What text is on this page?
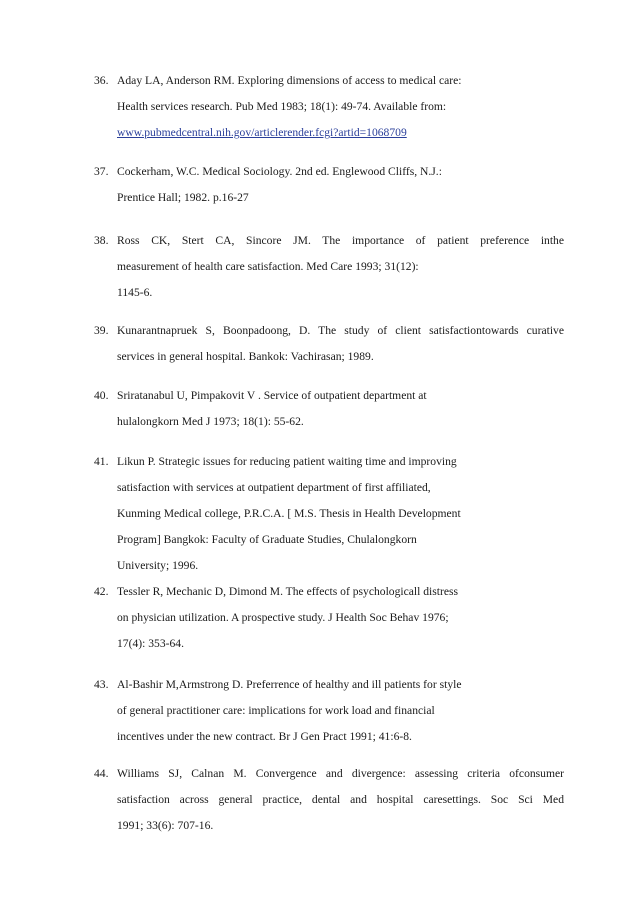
36. Aday LA, Anderson RM. Exploring dimensions of access to medical care:
Health services research. Pub Med 1983; 18(1): 49-74. Available from:
www.pubmedcentral.nih.gov/articlerender.fcgi?artid=1068709
37. Cockerham, W.C. Medical Sociology. 2nd ed. Englewood Cliffs, N.J.:
Prentice Hall; 1982. p.16-27
38. Ross CK, Stert CA, Sincore JM. The importance of patient preference inthe
measurement of health care satisfaction. Med Care 1993; 31(12):
1145-6.
39. Kunarantnapruek S, Boonpadoong, D. The study of client satisfactiontowards curative
services in general hospital. Bankok: Vachirasan; 1989.
40. Sriratanabul U, Pimpakovit V . Service of outpatient department at
hulalongkorn Med J 1973; 18(1): 55-62.
41. Likun P. Strategic issues for reducing patient waiting time and improving
satisfaction with services at outpatient department of first affiliated,
Kunming Medical college, P.R.C.A. [ M.S. Thesis in Health Development
Program] Bangkok: Faculty of Graduate Studies, Chulalongkorn
University; 1996.
42. Tessler R, Mechanic D, Dimond M. The effects of psychologicall distress
on physician utilization. A prospective study. J Health Soc Behav 1976;
17(4): 353-64.
43. Al-Bashir M,Armstrong D. Preferrence of healthy and ill patients for style
of general practitioner care: implications for work load and financial
incentives under the new contract. Br J Gen Pract 1991; 41:6-8.
44. Williams SJ, Calnan M. Convergence and divergence: assessing criteria ofconsumer
satisfaction across general practice, dental and hospital caresettings. Soc Sci Med
1991; 33(6): 707-16.
